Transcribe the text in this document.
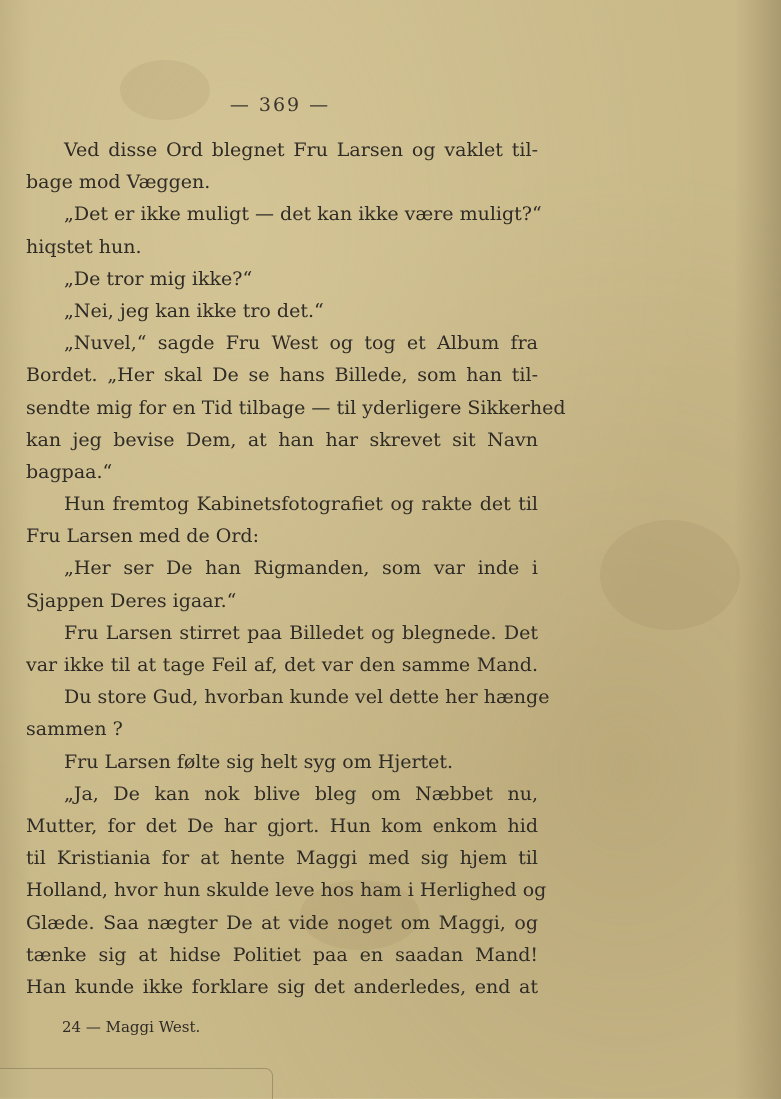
— 369 —
Ved disse Ord blegnet Fru Larsen og vaklet til-
bage mod Væggen.
„Det er ikke muligt — det kan ikke være muligt?“
hiqstet hun.
„De tror mig ikke?“
„Nei, jeg kan ikke tro det.“
„Nuvel,“ sagde Fru West og tog et Album fra
Bordet. „Her skal De se hans Billede, som han til-
sendte mig for en Tid tilbage — til yderligere Sikkerhed
kan jeg bevise Dem, at han har skrevet sit Navn
bagpaa.“
Hun fremtog Kabinetsfotografiet og rakte det til
Fru Larsen med de Ord:
„Her ser De han Rigmanden, som var inde i
Sjappen Deres igaar.“
Fru Larsen stirret paa Billedet og blegnede. Det
var ikke til at tage Feil af, det var den samme Mand.
Du store Gud, hvorban kunde vel dette her hænge
sammen ?
Fru Larsen følte sig helt syg om Hjertet.
„Ja, De kan nok blive bleg om Næbbet nu,
Mutter, for det De har gjort. Hun kom enkom hid
til Kristiania for at hente Maggi med sig hjem til
Holland, hvor hun skulde leve hos ham i Herlighed og
Glæde. Saa nægter De at vide noget om Maggi, og
tænke sig at hidse Politiet paa en saadan Mand!
Han kunde ikke forklare sig det anderledes, end at
24 — Maggi West.
